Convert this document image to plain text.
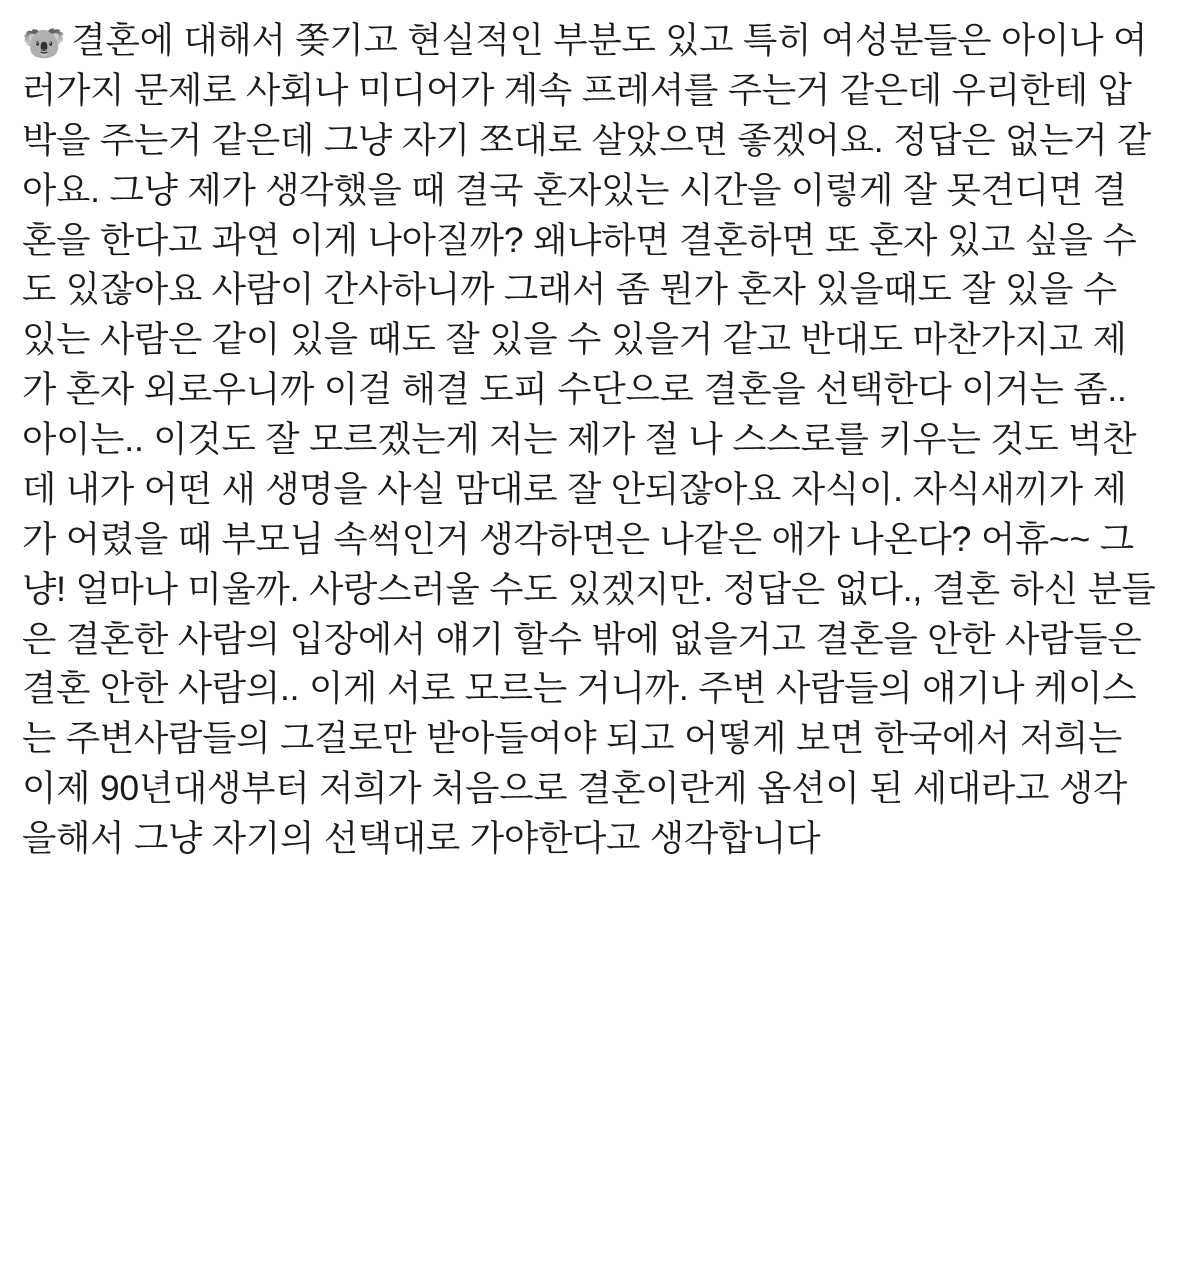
🐨 결혼에 대해서 쫒기고 현실적인 부분도 있고 특히 여성분들은 아이나 여러가지 문제로 사회나 미디어가 계속 프레셔를 주는거 같은데 우리한테 압박을 주는거 같은데 그냥 자기 쪼대로 살았으면 좋겠어요. 정답은 없는거 같아요. 그냥 제가 생각했을 때 결국 혼자있는 시간을 이렇게 잘 못견디면 결혼을 한다고 과연 이게 나아질까? 왜냐하면 결혼하면 또 혼자 있고 싶을 수 도 있잖아요 사람이 간사하니까 그래서 좀 뭔가 혼자 있을때도 잘 있을 수 있는 사람은 같이 있을 때도 잘 있을 수 있을거 같고 반대도 마찬가지고 제가 혼자 외로우니까 이걸 해결 도피 수단으로 결혼을 선택한다 이거는 좀.. 아이는.. 이것도 잘 모르겠는게 저는 제가 절 나 스스로를 키우는 것도 벅찬데 내가 어떤 새 생명을 사실 맘대로 잘 안되잖아요 자식이. 자식새끼가 제가 어렸을 때 부모님 속썩인거 생각하면은 나같은 애가 나온다? 어휴~~ 그냥! 얼마나 미울까. 사랑스러울 수도 있겠지만. 정답은 없다., 결혼 하신 분들은 결혼한 사람의 입장에서 얘기 할수 밖에 없을거고 결혼을 안한 사람들은 결혼 안한 사람의.. 이게 서로 모르는 거니까. 주변 사람들의 얘기나 케이스는 주변사람들의 그걸로만 받아들여야 되고 어떻게 보면 한국에서 저희는 이제 90년대생부터 저희가 처음으로 결혼이란게 옵션이 된 세대라고 생각을해서 그냥 자기의 선택대로 가야한다고 생각합니다
